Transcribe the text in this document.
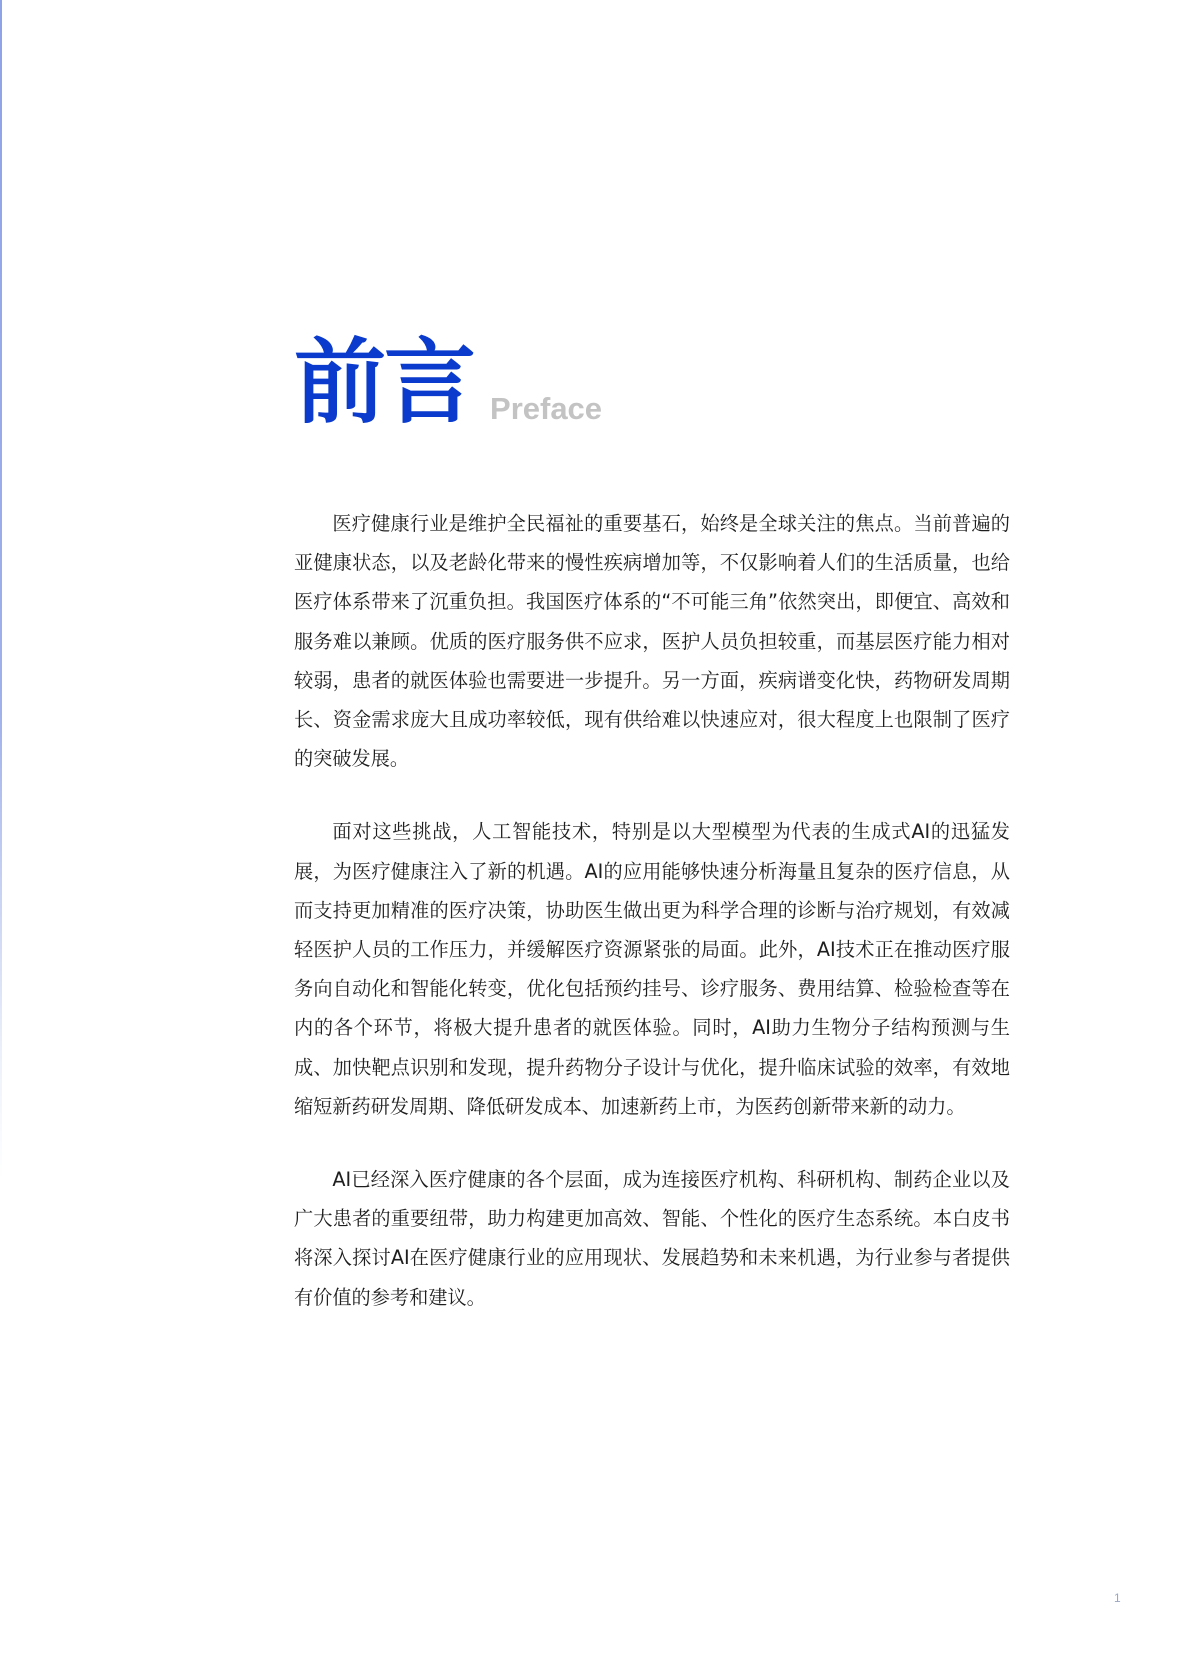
前言 Preface

医疗健康行业是维护全民福祉的重要基石，始终是全球关注的焦点。当前普遍的亚健康状态，以及老龄化带来的慢性疾病增加等，不仅影响着人们的生活质量，也给医疗体系带来了沉重负担。我国医疗体系的“不可能三角”依然突出，即便宜、高效和服务难以兼顾。优质的医疗服务供不应求，医护人员负担较重，而基层医疗能力相对较弱，患者的就医体验也需要进一步提升。另一方面，疾病谱变化快，药物研发周期长、资金需求庞大且成功率较低，现有供给难以快速应对，很大程度上也限制了医疗的突破发展。

面对这些挑战，人工智能技术，特别是以大型模型为代表的生成式AI的迅猛发展，为医疗健康注入了新的机遇。AI的应用能够快速分析海量且复杂的医疗信息，从而支持更加精准的医疗决策，协助医生做出更为科学合理的诊断与治疗规划，有效减轻医护人员的工作压力，并缓解医疗资源紧张的局面。此外，AI技术正在推动医疗服务向自动化和智能化转变，优化包括预约挂号、诊疗服务、费用结算、检验检查等在内的各个环节，将极大提升患者的就医体验。同时，AI助力生物分子结构预测与生成、加快靶点识别和发现，提升药物分子设计与优化，提升临床试验的效率，有效地缩短新药研发周期、降低研发成本、加速新药上市，为医药创新带来新的动力。

AI已经深入医疗健康的各个层面，成为连接医疗机构、科研机构、制药企业以及广大患者的重要纽带，助力构建更加高效、智能、个性化的医疗生态系统。本白皮书将深入探讨AI在医疗健康行业的应用现状、发展趋势和未来机遇，为行业参与者提供有价值的参考和建议。

1
